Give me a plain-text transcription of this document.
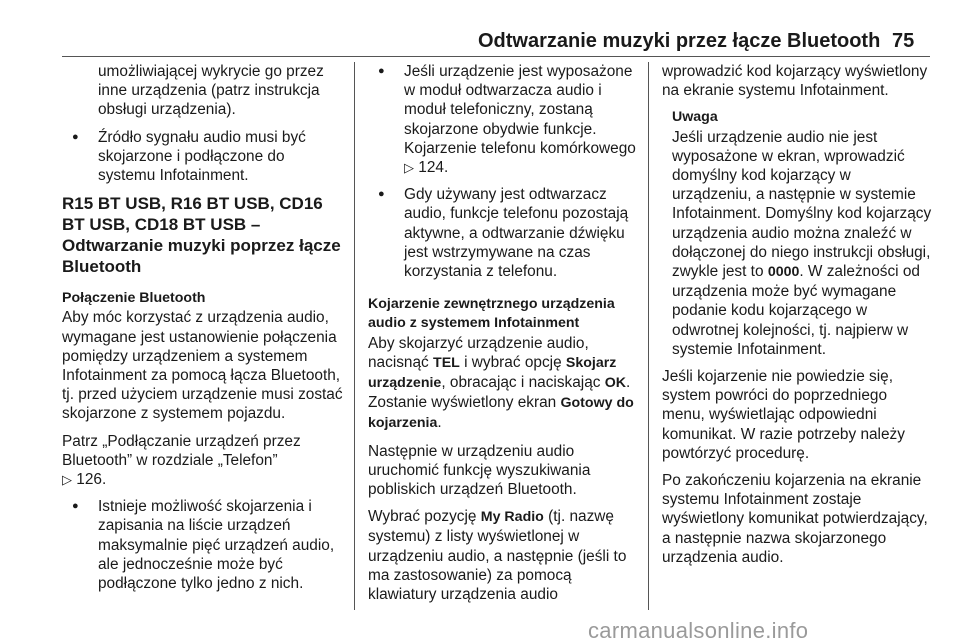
Odtwarzanie muzyki przez łącze Bluetooth 75

umożliwiającej wykrycie go przez inne urządzenia (patrz instrukcja obsługi urządzenia).

● Źródło sygnału audio musi być skojarzone i podłączone do systemu Infotainment.
R15 BT USB, R16 BT USB, CD16 BT USB, CD18 BT USB – Odtwarzanie muzyki poprzez łącze Bluetooth
Połączenie Bluetooth

Aby móc korzystać z urządzenia audio, wymagane jest ustanowienie połączenia pomiędzy urządzeniem a systemem Infotainment za pomocą łącza Bluetooth, tj. przed użyciem urządzenie musi zostać skojarzone z systemem pojazdu.

Patrz „Podłączanie urządzeń przez Bluetooth” w rozdziale „Telefon”
▷ 126.

● Istnieje możliwość skojarzenia i zapisania na liście urządzeń maksymalnie pięć urządzeń audio, ale jednocześnie może być podłączone tylko jedno z nich.
● Jeśli urządzenie jest wyposażone w moduł odtwarzacza audio i moduł telefoniczny, zostaną skojarzone obydwie funkcje. Kojarzenie telefonu komórkowego ▷ 124.
● Gdy używany jest odtwarzacz audio, funkcje telefonu pozostają aktywne, a odtwarzanie dźwięku jest wstrzymywane na czas korzystania z telefonu.
Kojarzenie zewnętrznego urządzenia audio z systemem Infotainment

Aby skojarzyć urządzenie audio, nacisnąć TEL i wybrać opcję Skojarz urządzenie, obracając i naciskając OK. Zostanie wyświetlony ekran Gotowy do kojarzenia.

Następnie w urządzeniu audio uruchomić funkcję wyszukiwania pobliskich urządzeń Bluetooth.

Wybrać pozycję My Radio (tj. nazwę systemu) z listy wyświetlonej w urządzeniu audio, a następnie (jeśli to ma zastosowanie) za pomocą klawiatury urządzenia audio

wprowadzić kod kojarzący wyświetlony na ekranie systemu Infotainment.

Uwaga
Jeśli urządzenie audio nie jest wyposażone w ekran, wprowadzić domyślny kod kojarzący w urządzeniu, a następnie w systemie Infotainment. Domyślny kod kojarzący urządzenia audio można znaleźć w dołączonej do niego instrukcji obsługi, zwykle jest to 0000. W zależności od urządzenia może być wymagane podanie kodu kojarzącego w odwrotnej kolejności, tj. najpierw w systemie Infotainment.

Jeśli kojarzenie nie powiedzie się, system powróci do poprzedniego menu, wyświetlając odpowiedni komunikat. W razie potrzeby należy powtórzyć procedurę.

Po zakończeniu kojarzenia na ekranie systemu Infotainment zostaje wyświetlony komunikat potwierdzający, a następnie nazwa skojarzonego urządzenia audio.

carmanualsonline.info
